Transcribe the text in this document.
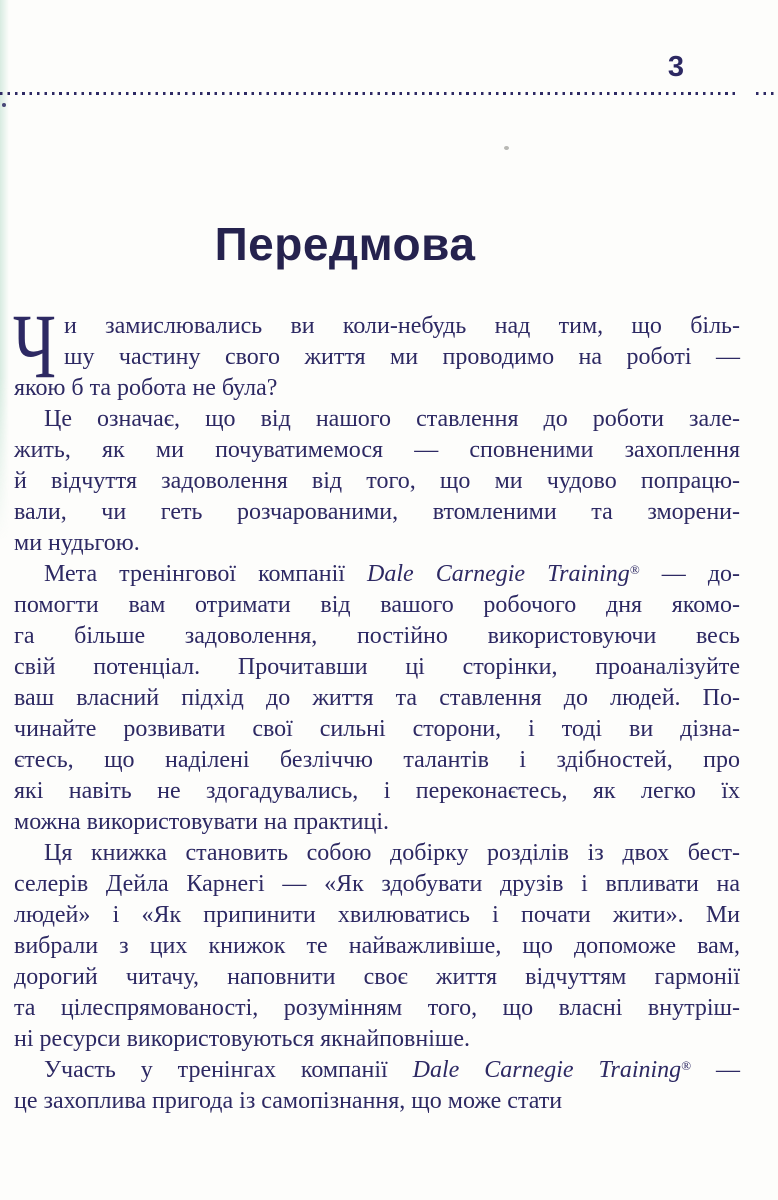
3
Передмова
Ч и замислювались ви коли-небудь над тим, що біль-
шу частину свого життя ми проводимо на роботі —
якою б та робота не була?
Це означає, що від нашого ставлення до роботи зале-
жить, як ми почуватимемося — сповненими захоплення
й відчуття задоволення від того, що ми чудово попрацю-
вали, чи геть розчарованими, втомленими та зморени-
ми нудьгою.
Мета тренінгової компанії Dale Carnegie Training® — до-
помогти вам отримати від вашого робочого дня якомо-
га більше задоволення, постійно використовуючи весь
свій потенціал. Прочитавши ці сторінки, проаналізуйте
ваш власний підхід до життя та ставлення до людей. По-
чинайте розвивати свої сильні сторони, і тоді ви дізна-
єтесь, що наділені безліччю талантів і здібностей, про
які навіть не здогадувались, і переконаєтесь, як легко їх
можна використовувати на практиці.
Ця книжка становить собою добірку розділів із двох бест-
селерів Дейла Карнегі — «Як здобувати друзів і впливати на
людей» і «Як припинити хвилюватись і почати жити». Ми
вибрали з цих книжок те найважливіше, що допоможе вам,
дорогий читачу, наповнити своє життя відчуттям гармонії
та цілеспрямованості, розумінням того, що власні внутріш-
ні ресурси використовуються якнайповніше.
Участь у тренінгах компанії Dale Carnegie Training® —
це захоплива пригода із самопізнання, що може стати
